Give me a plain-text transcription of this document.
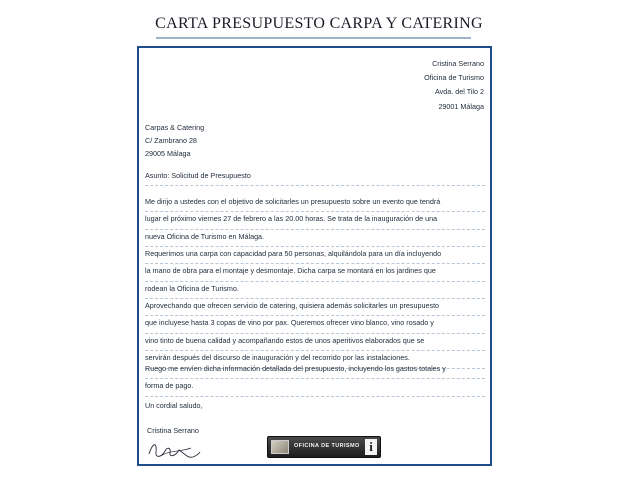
CARTA PRESUPUESTO CARPA Y CATERING
Cristina Serrano
Oficina de Turismo
Avda. del Tilo 2
29001 Málaga
Carpas & Catering
C/ Zambrano 28
29005 Málaga
Asunto: Solicitud de Presupuesto
Me dirijo a ustedes con el objetivo de solicitarles un presupuesto sobre un evento que tendrá
lugar el próximo viernes 27 de febrero a las 20.00 horas. Se trata de la inauguración de una
nueva Oficina de Turismo en Málaga.
Requerimos una carpa con capacidad para 50 personas, alquilándola para un día incluyendo
la mano de obra para el montaje y desmontaje. Dicha carpa se montará en los jardines que
rodean la Oficina de Turismo.
Aprovechando que ofrecen servicio de catering, quisiera además solicitarles un presupuesto
que incluyese hasta 3 copas de vino por pax. Queremos ofrecer vino blanco, vino rosado y
vino tinto de buena calidad y acompañando estos de unos aperitivos elaborados que se
servirán después del discurso de inauguración y del recorrido por las instalaciones.
Ruego me envíen dicha información detallada del presupuesto, incluyendo los gastos totales y
forma de pago.
Un cordial saludo,
Cristina Serrano
OFICINA DE TURISMO i
